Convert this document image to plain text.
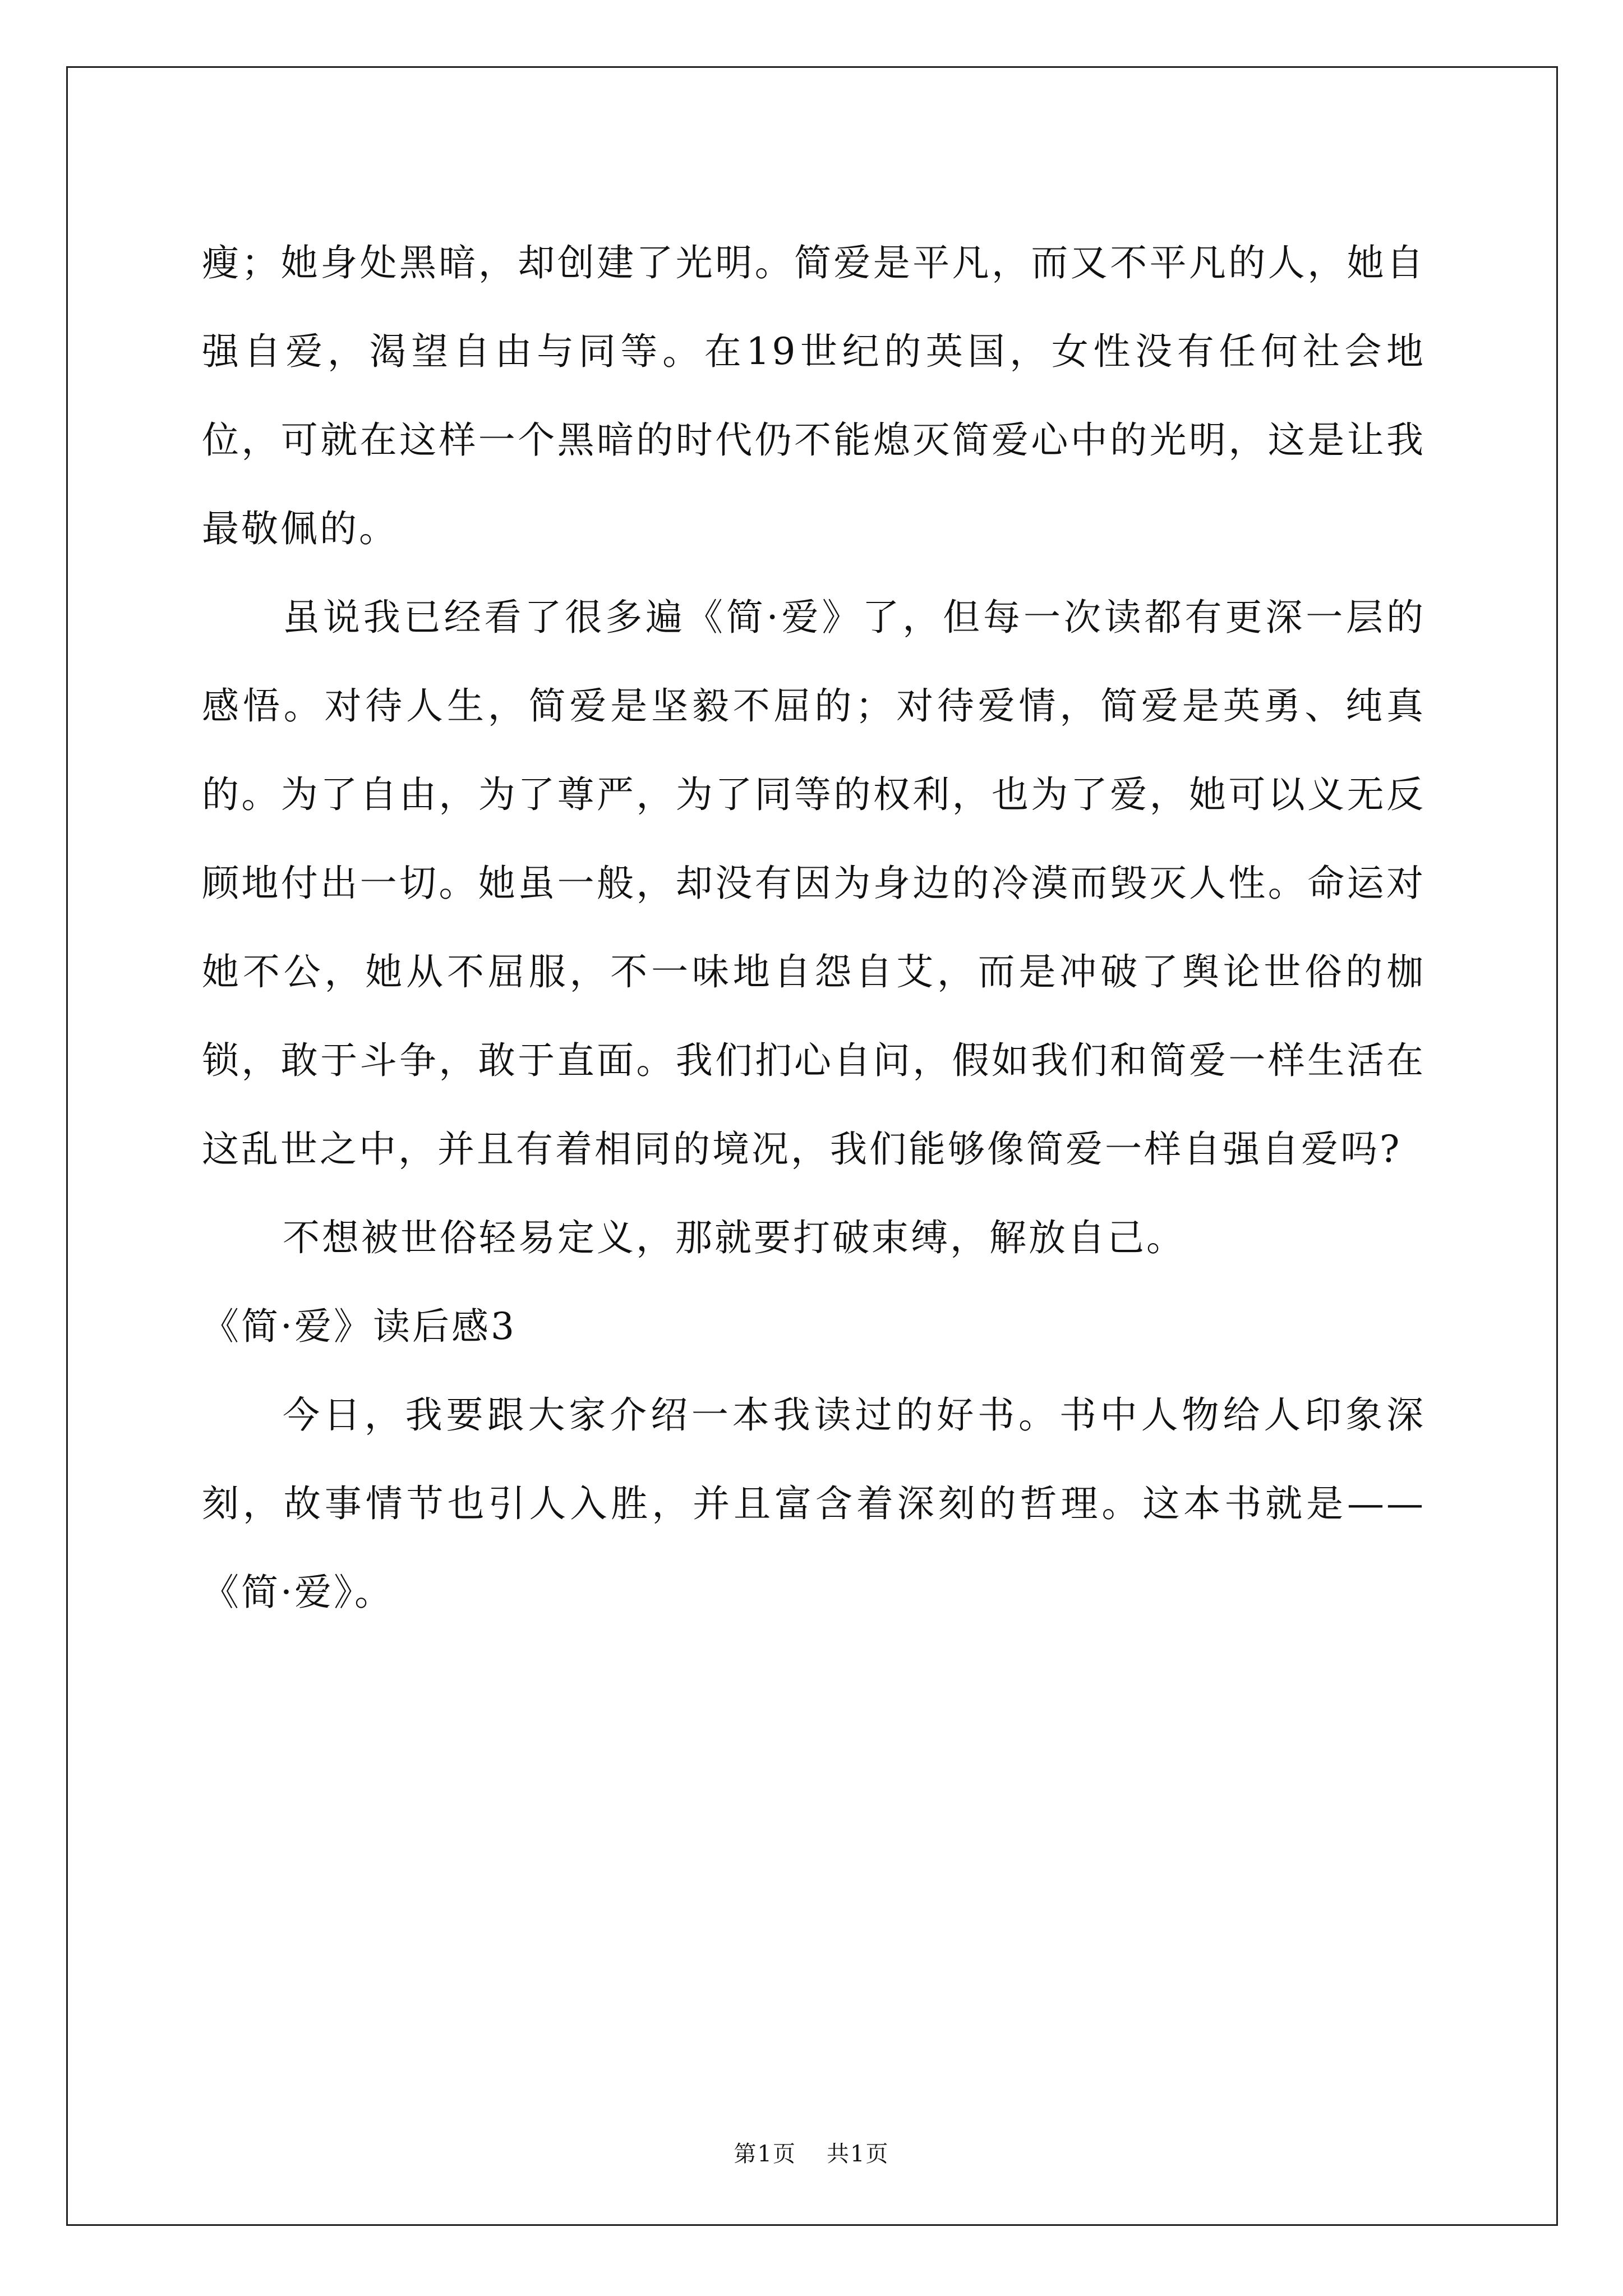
瘦；她身处黑暗，却创建了光明。简爱是平凡，而又不平凡的人，她自强自爱，渴望自由与同等。在19世纪的英国，女性没有任何社会地位，可就在这样一个黑暗的时代仍不能熄灭简爱心中的光明，这是让我最敬佩的。

虽说我已经看了很多遍《简·爱》了，但每一次读都有更深一层的感悟。对待人生，简爱是坚毅不屈的；对待爱情，简爱是英勇、纯真的。为了自由，为了尊严，为了同等的权利，也为了爱，她可以义无反顾地付出一切。她虽一般，却没有因为身边的冷漠而毁灭人性。命运对她不公，她从不屈服，不一味地自怨自艾，而是冲破了舆论世俗的枷锁，敢于斗争，敢于直面。我们扪心自问，假如我们和简爱一样生活在这乱世之中，并且有着相同的境况，我们能够像简爱一样自强自爱吗?

不想被世俗轻易定义，那就要打破束缚，解放自己。

《简·爱》读后感3

今日，我要跟大家介绍一本我读过的好书。书中人物给人印象深刻，故事情节也引人入胜，并且富含着深刻的哲理。这本书就是——《简·爱》。

第1页 共1页
